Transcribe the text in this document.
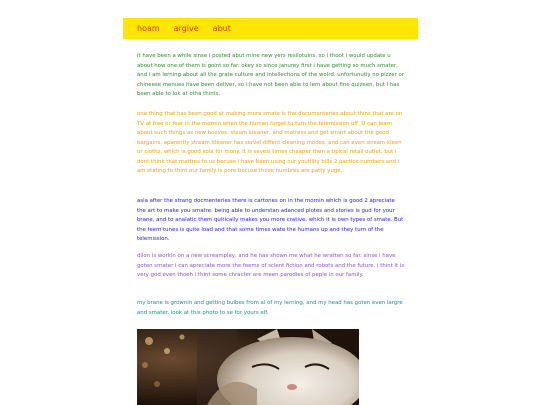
hoam argive abut

it have been a while sinse i posted abut mine new yers resilotuins, so i thoot i would update u about how one of them is goint so far. okey so since janurey first i have getting so much smater, and i am lerning about all the grate culture and intellections of the wolrd. unfortunutly no pizzer or chineese menues have been deliver, so i have not been able to lern about fine quizeen, but i has been able to lok at otha thints.

one thing that has been good at making more smate is the documenteries about thins that are on TV at free or fear in the mornin when the human forget to turn the telemission off. U can learn about such things as new hooves, steam kleaner, and matress and get smart about the good bargains. aparently stream kleaner has servel diffent cleaning modes, and can even stream kleen ur clothz, which is good xola for mony. it is sevesl times cheaper then a tipical retail outlet, but i dont think that mattres to us becuse i have been using our youtility bills 2 pactice numbers and i am stating to thint our family is pore becuse those numbres are patty yuge.

asla after the strang docmenteries there is cartones on in the mornin which is good 2 apreciate the art to make you smatre. being able to understan adanced plotes and stories is gud for your brane, and to analatic them quitically makes you more crative, which it is own types of smate. But the feem tunes is quite load and that some times wate the humans up and they turn of the telemission.

dilon is workin on a new screamplay, and he has shown me what he wratten so far. sinse i have goten smater i can apreciate more the feems of scient fiction and robots and the future. i thint it is very god even thoeh i thint some chracter are meen parodies of peple in our family.

my brane is grownin and getting bulbes from al of my lerning, and my head has goten even largre and smater. look at this photo to se for yours elf.
